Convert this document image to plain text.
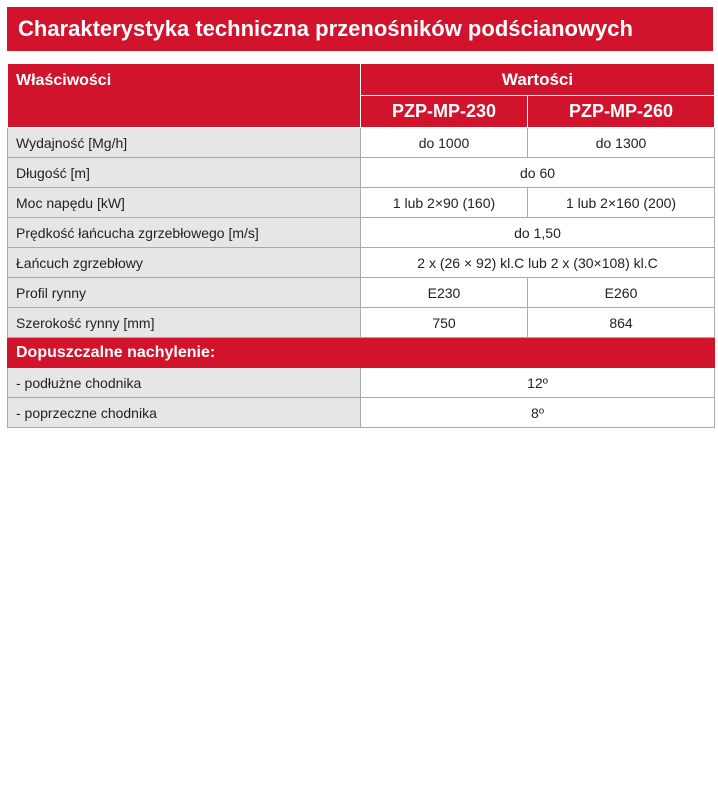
Charakterystyka techniczna przenośników podścianowych
Właściwości	Wartości	
	PZP-MP-230	PZP-MP-260
Wydajność [Mg/h]	do 1000	do 1300
Długość [m]	do 60	
Moc napędu [kW]	1 lub 2×90 (160)	1 lub 2×160 (200)
Prędkość łańcucha zgrzebłowego [m/s]	do 1,50	
Łańcuch zgrzebłowy	2 x (26 × 92) kl.C lub 2 x (30×108) kl.C	
Profil rynny	E230	E260
Szerokość rynny [mm]	750	864
Dopuszczalne nachylenie:		
- podłużne chodnika	12º	
- poprzeczne chodnika	8º	
